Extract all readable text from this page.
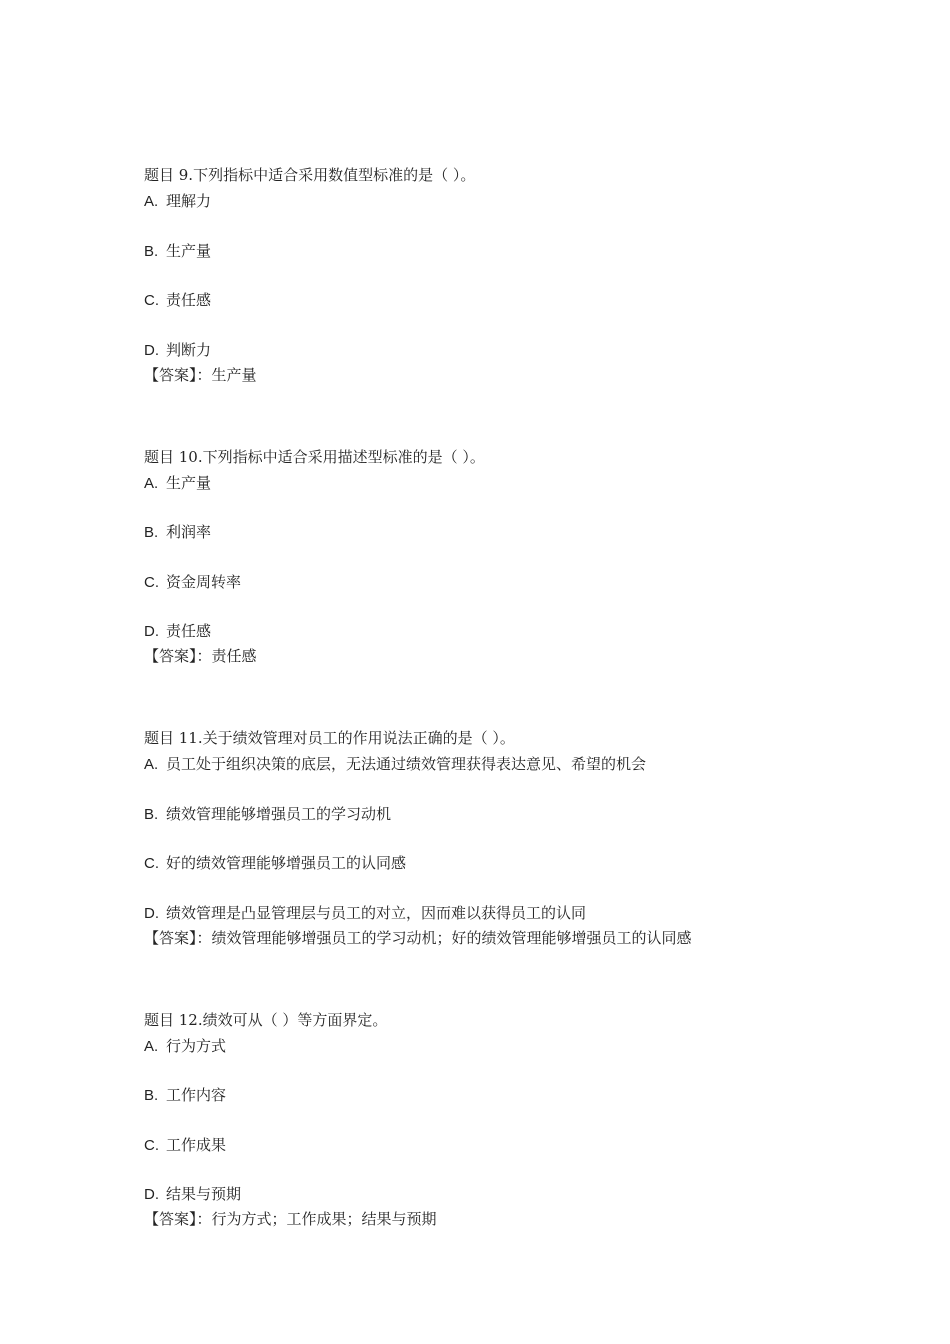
题目 9.下列指标中适合采用数值型标准的是（ ）。
A. 理解力
B. 生产量
C. 责任感
D. 判断力
【答案】：生产量
题目 10.下列指标中适合采用描述型标准的是（ ）。
A. 生产量
B. 利润率
C. 资金周转率
D. 责任感
【答案】：责任感
题目 11.关于绩效管理对员工的作用说法正确的是（ ）。
A. 员工处于组织决策的底层，无法通过绩效管理获得表达意见、希望的机会
B. 绩效管理能够增强员工的学习动机
C. 好的绩效管理能够增强员工的认同感
D. 绩效管理是凸显管理层与员工的对立，因而难以获得员工的认同
【答案】：绩效管理能够增强员工的学习动机；好的绩效管理能够增强员工的认同感
题目 12.绩效可从（ ）等方面界定。
A. 行为方式
B. 工作内容
C. 工作成果
D. 结果与预期
【答案】：行为方式；工作成果；结果与预期
